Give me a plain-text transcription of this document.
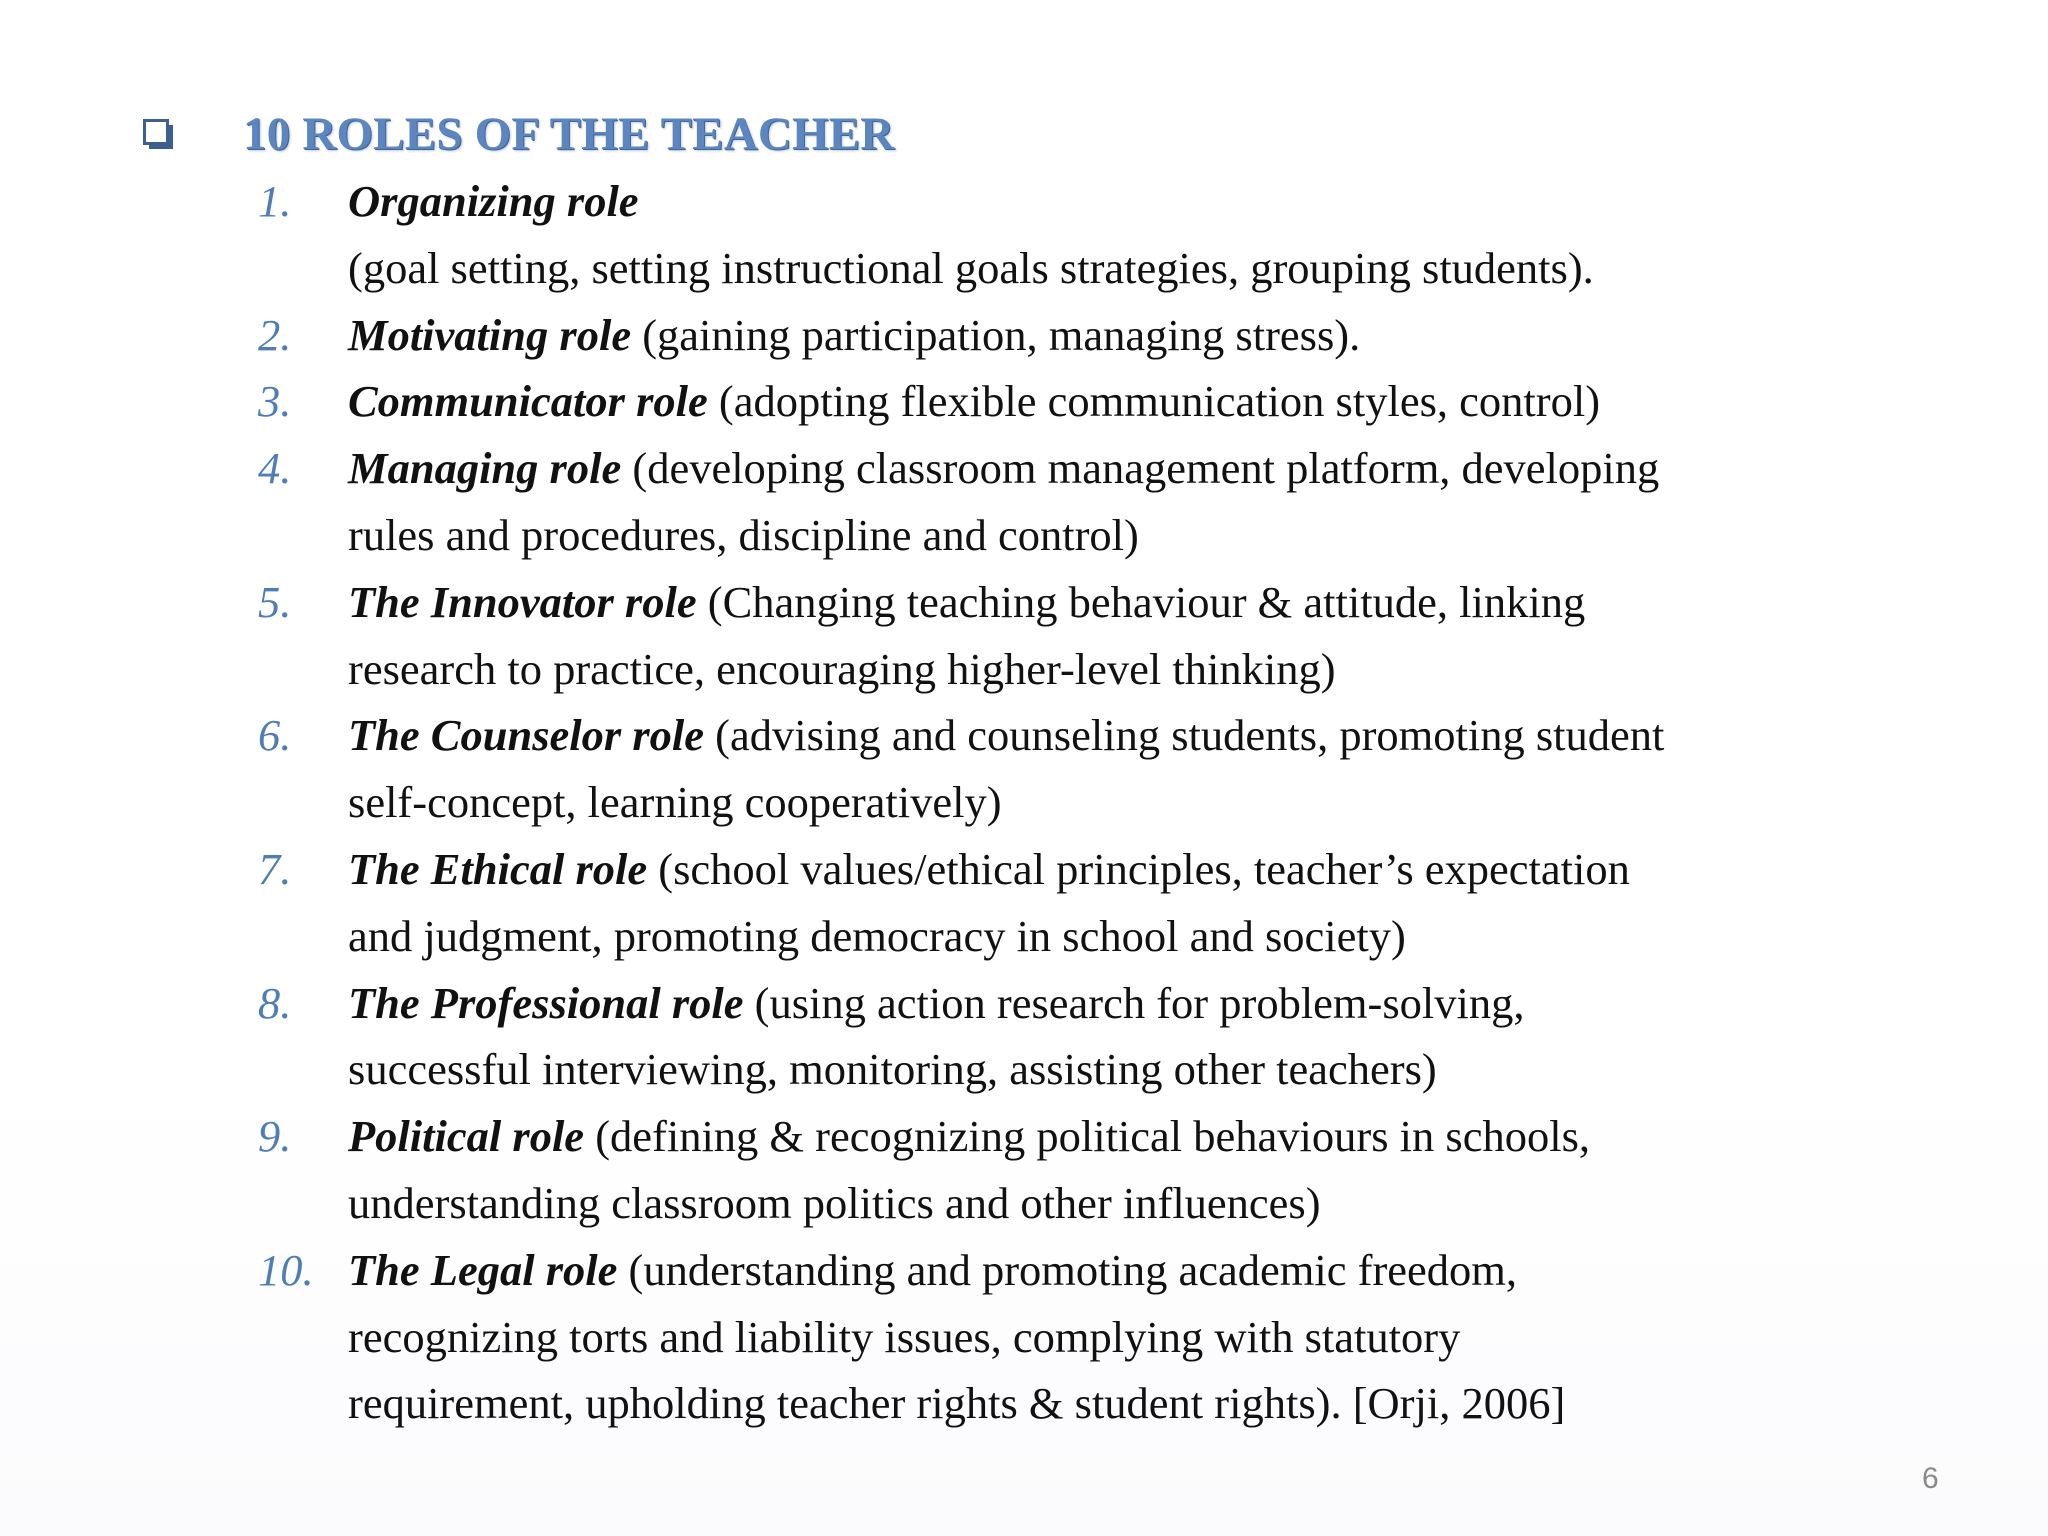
10 ROLES OF THE TEACHER
1. Organizing role
(goal setting, setting instructional goals strategies, grouping students).
2. Motivating role (gaining participation, managing stress).
3. Communicator role (adopting flexible communication styles, control)
4. Managing role (developing classroom management platform, developing
rules and procedures, discipline and control)
5. The Innovator role (Changing teaching behaviour & attitude, linking
research to practice, encouraging higher-level thinking)
6. The Counselor role (advising and counseling students, promoting student
self-concept, learning cooperatively)
7. The Ethical role (school values/ethical principles, teacher’s expectation
and judgment, promoting democracy in school and society)
8. The Professional role (using action research for problem-solving,
successful interviewing, monitoring, assisting other teachers)
9. Political role (defining & recognizing political behaviours in schools,
understanding classroom politics and other influences)
10. The Legal role (understanding and promoting academic freedom,
recognizing torts and liability issues, complying with statutory
requirement, upholding teacher rights & student rights). [Orji, 2006]
6
